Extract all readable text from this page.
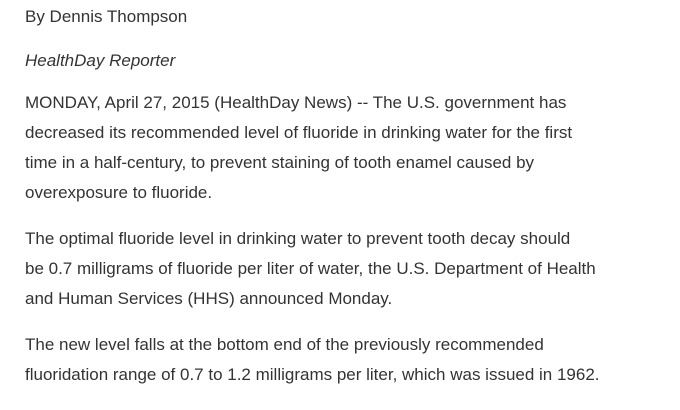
By Dennis Thompson

HealthDay Reporter

MONDAY, April 27, 2015 (HealthDay News) -- The U.S. government has
decreased its recommended level of fluoride in drinking water for the first
time in a half-century, to prevent staining of tooth enamel caused by
overexposure to fluoride.

The optimal fluoride level in drinking water to prevent tooth decay should
be 0.7 milligrams of fluoride per liter of water, the U.S. Department of Health
and Human Services (HHS) announced Monday.

The new level falls at the bottom end of the previously recommended
fluoridation range of 0.7 to 1.2 milligrams per liter, which was issued in 1962.
